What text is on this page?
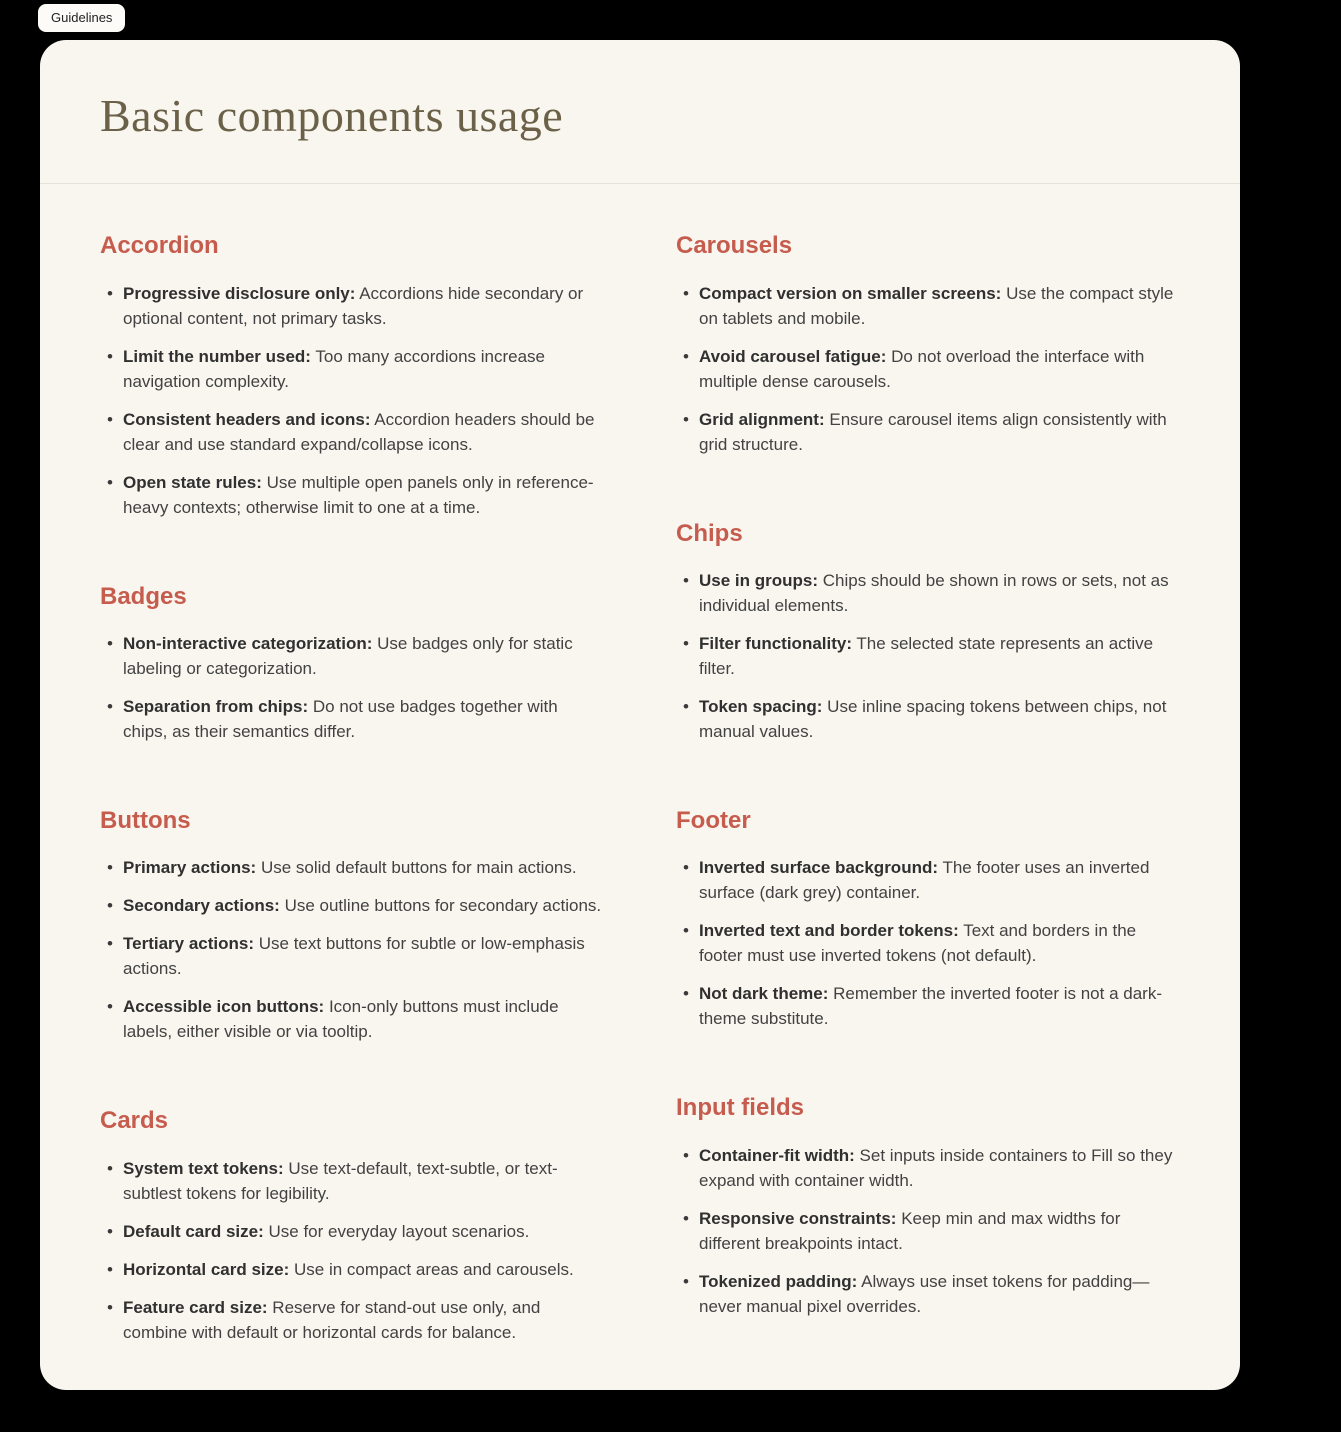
Guidelines
Basic components usage
Accordion
• Progressive disclosure only: Accordions hide secondary or optional content, not primary tasks.
• Limit the number used: Too many accordions increase navigation complexity.
• Consistent headers and icons: Accordion headers should be clear and use standard expand/collapse icons.
• Open state rules: Use multiple open panels only in reference-heavy contexts; otherwise limit to one at a time.
Badges
• Non-interactive categorization: Use badges only for static labeling or categorization.
• Separation from chips: Do not use badges together with chips, as their semantics differ.
Buttons
• Primary actions: Use solid default buttons for main actions.
• Secondary actions: Use outline buttons for secondary actions.
• Tertiary actions: Use text buttons for subtle or low-emphasis actions.
• Accessible icon buttons: Icon-only buttons must include labels, either visible or via tooltip.
Cards
• System text tokens: Use text-default, text-subtle, or text-subtlest tokens for legibility.
• Default card size: Use for everyday layout scenarios.
• Horizontal card size: Use in compact areas and carousels.
• Feature card size: Reserve for stand-out use only, and combine with default or horizontal cards for balance.
Carousels
• Compact version on smaller screens: Use the compact style on tablets and mobile.
• Avoid carousel fatigue: Do not overload the interface with multiple dense carousels.
• Grid alignment: Ensure carousel items align consistently with grid structure.
Chips
• Use in groups: Chips should be shown in rows or sets, not as individual elements.
• Filter functionality: The selected state represents an active filter.
• Token spacing: Use inline spacing tokens between chips, not manual values.
Footer
• Inverted surface background: The footer uses an inverted surface (dark grey) container.
• Inverted text and border tokens: Text and borders in the footer must use inverted tokens (not default).
• Not dark theme: Remember the inverted footer is not a dark-theme substitute.
Input fields
• Container-fit width: Set inputs inside containers to Fill so they expand with container width.
• Responsive constraints: Keep min and max widths for different breakpoints intact.
• Tokenized padding: Always use inset tokens for padding—never manual pixel overrides.
